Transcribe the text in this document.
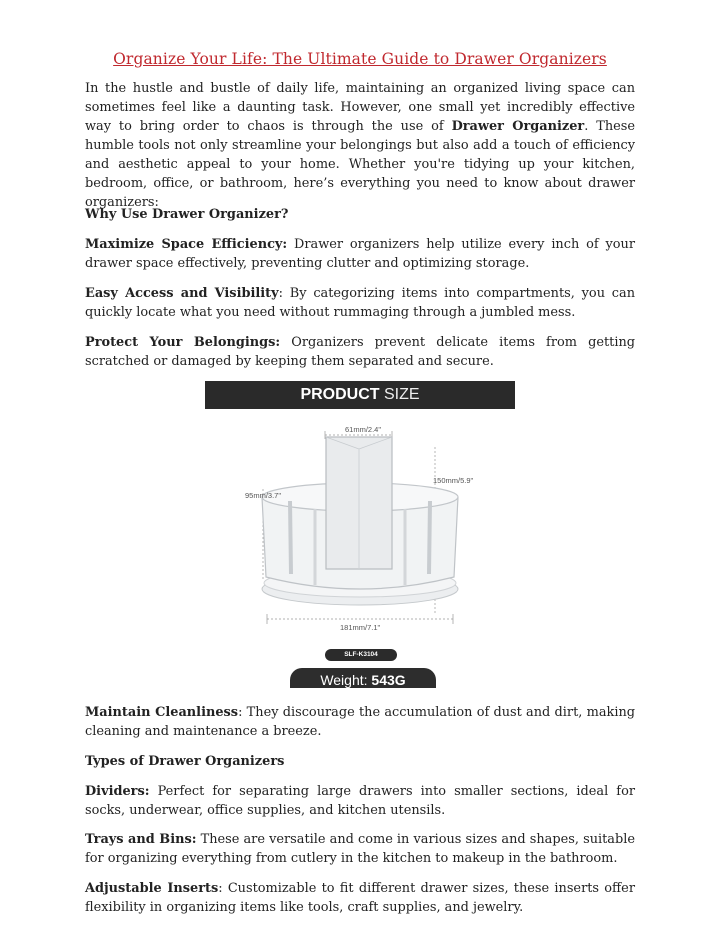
Organize Your Life: The Ultimate Guide to Drawer Organizers
In the hustle and bustle of daily life, maintaining an organized living space can sometimes feel like a daunting task. However, one small yet incredibly effective way to bring order to chaos is through the use of Drawer Organizer. These humble tools not only streamline your belongings but also add a touch of efficiency and aesthetic appeal to your home. Whether you're tidying up your kitchen, bedroom, office, or bathroom, here’s everything you need to know about drawer organizers:
Why Use Drawer Organizer?
Maximize Space Efficiency: Drawer organizers help utilize every inch of your drawer space effectively, preventing clutter and optimizing storage.
Easy Access and Visibility: By categorizing items into compartments, you can quickly locate what you need without rummaging through a jumbled mess.
Protect Your Belongings: Organizers prevent delicate items from getting scratched or damaged by keeping them separated and secure.
PRODUCT SIZE
61mm/2.4"
150mm/5.9"
95mm/3.7"
181mm/7.1"
SLF-K3104
Weight: 543G
Maintain Cleanliness: They discourage the accumulation of dust and dirt, making cleaning and maintenance a breeze.
Types of Drawer Organizers
Dividers: Perfect for separating large drawers into smaller sections, ideal for socks, underwear, office supplies, and kitchen utensils.
Trays and Bins: These are versatile and come in various sizes and shapes, suitable for organizing everything from cutlery in the kitchen to makeup in the bathroom.
Adjustable Inserts: Customizable to fit different drawer sizes, these inserts offer flexibility in organizing items like tools, craft supplies, and jewelry.
